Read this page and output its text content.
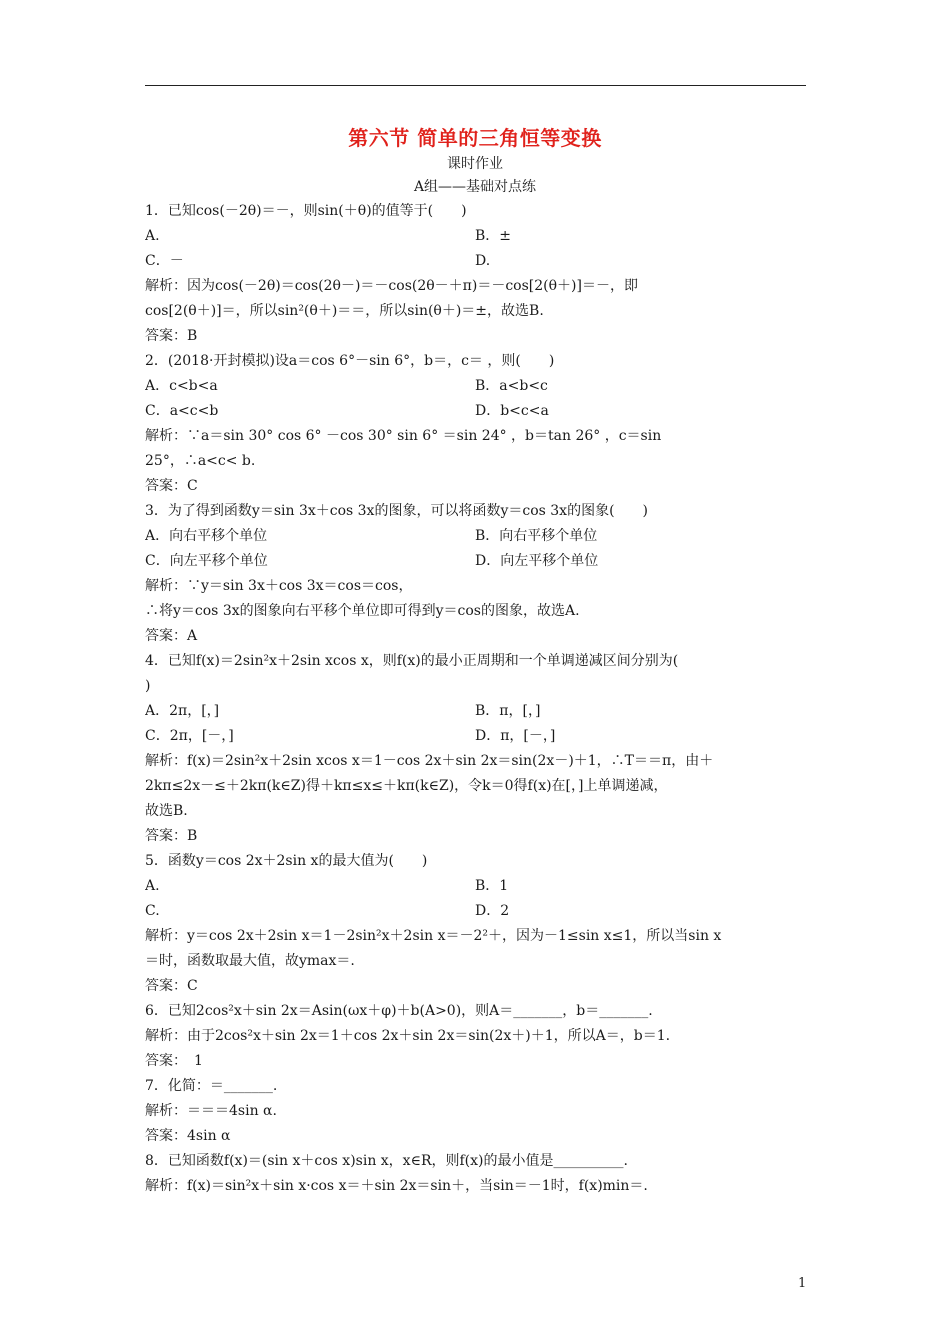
第六节 简单的三角恒等变换
课时作业
A组——基础对点练
1．已知cos(－2θ)＝－，则sin(＋θ)的值等于(　　)
A.	B．±
C．－	D.
解析：因为cos(－2θ)＝cos(2θ－)＝－cos(2θ－＋π)＝－cos[2(θ＋)]＝－，即
cos[2(θ＋)]＝，所以sin²(θ＋)＝＝，所以sin(θ＋)＝±，故选B.
答案：B
2．(2018·开封模拟)设a＝cos 6°－sin 6°，b＝，c＝ ，则(　　)
A．c<b<a	B．a<b<c
C．a<c<b	D．b<c<a
解析：∵a＝sin 30° cos 6° －cos 30° sin 6° ＝sin 24° ，b＝tan 26° ，c＝sin
25°，∴a<c< b.
答案：C
3．为了得到函数y＝sin 3x＋cos 3x的图象，可以将函数y＝cos 3x的图象(　　)
A．向右平移个单位	B．向右平移个单位
C．向左平移个单位	D．向左平移个单位
解析：∵y＝sin 3x＋cos 3x＝cos＝cos，
∴将y＝cos 3x的图象向右平移个单位即可得到y＝cos的图象，故选A.
答案：A
4．已知f(x)＝2sin²x＋2sin xcos x，则f(x)的最小正周期和一个单调递减区间分别为(
)
A．2π，[，]	B．π，[，]
C．2π，[－，]	D．π，[－，]
解析：f(x)＝2sin²x＋2sin xcos x＝1－cos 2x＋sin 2x＝sin(2x－)＋1，∴T＝＝π，由＋
2kπ≤2x－≤＋2kπ(k∈Z)得＋kπ≤x≤＋kπ(k∈Z)，令k＝0得f(x)在[，]上单调递减，
故选B.
答案：B
5．函数y＝cos 2x＋2sin x的最大值为(　　)
A.	B．1
C.	D．2
解析：y＝cos 2x＋2sin x＝1－2sin²x＋2sin x＝－2²＋，因为－1≤sin x≤1，所以当sin x
＝时，函数取最大值，故ymax＝.
答案：C
6．已知2cos²x＋sin 2x＝Asin(ωx＋φ)＋b(A>0)，则A＝_______，b＝_______.
解析：由于2cos²x＋sin 2x＝1＋cos 2x＋sin 2x＝sin(2x＋)＋1，所以A＝，b＝1.
答案：　1
7．化简：＝_______.
解析：＝＝＝4sin α.
答案：4sin α
8．已知函数f(x)＝(sin x＋cos x)sin x，x∈R，则f(x)的最小值是__________.
解析：f(x)＝sin²x＋sin x·cos x＝＋sin 2x＝sin＋，当sin＝－1时，f(x)min＝.
1
